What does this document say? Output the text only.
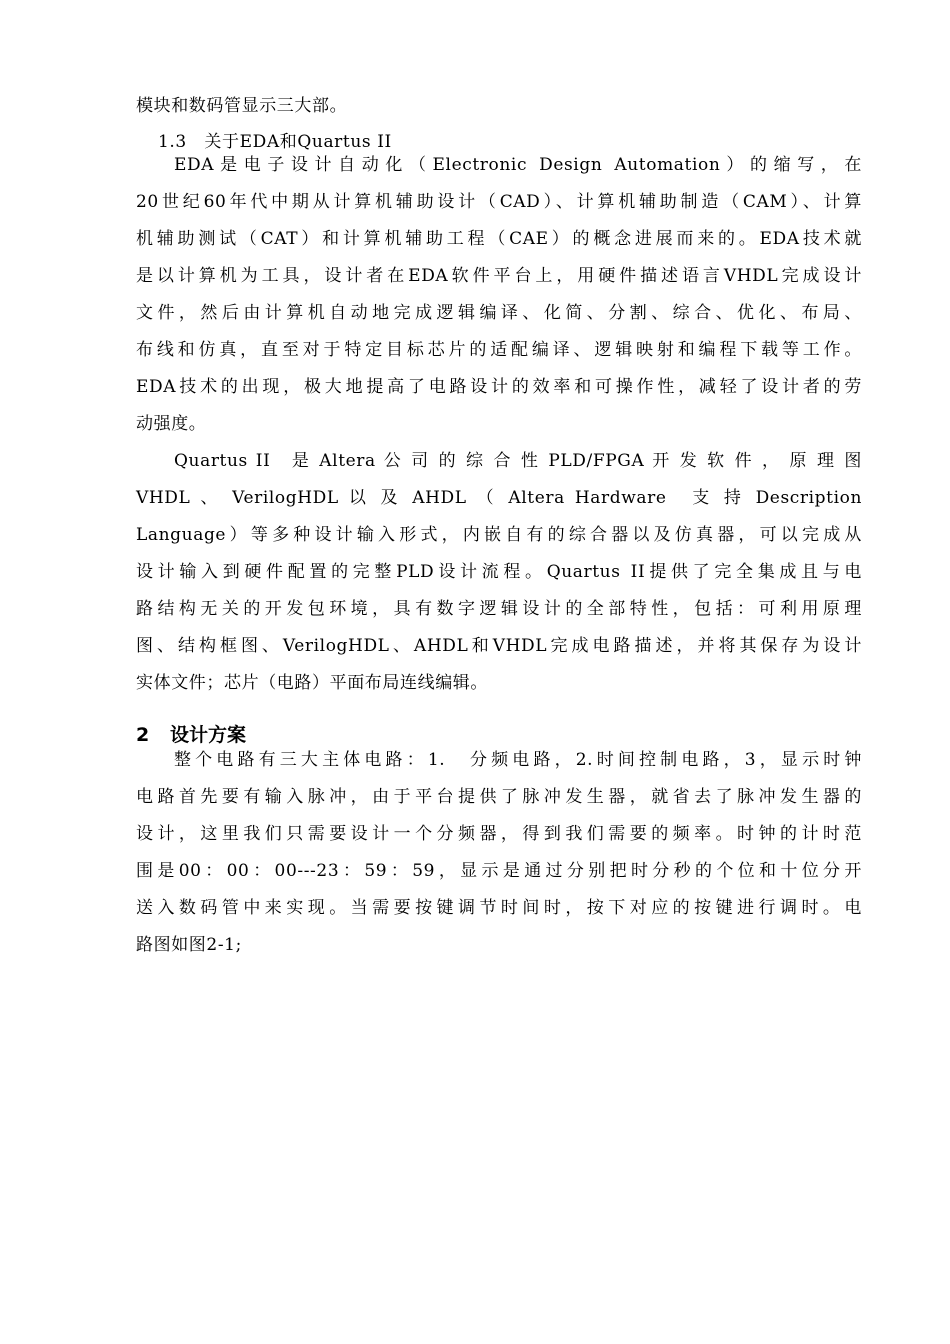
模块和数码管显示三大部。
1.3　关于EDA和Quartus II
EDA是电子设计自动化（Electronic Design Automation）的缩写，在
20世纪60年代中期从计算机辅助设计（CAD）、计算机辅助制造（CAM）、计算
机辅助测试（CAT）和计算机辅助工程（CAE）的概念进展而来的。EDA技术就
是以计算机为工具，设计者在EDA软件平台上，用硬件描述语言VHDL完成设计
文件，然后由计算机自动地完成逻辑编译、化简、分割、综合、优化、布局、
布线和仿真，直至对于特定目标芯片的适配编译、逻辑映射和编程下载等工作。
EDA技术的出现，极大地提高了电路设计的效率和可操作性，减轻了设计者的劳
动强度。
Quartus II　是 Altera 公 司 的 综 合 性 PLD/FPGA 开 发 软 件 ， 原 理 图
VHDL 、 VerilogHDL 以 及 AHDL （ Altera Hardware　支 持 Description
Language）等多种设计输入形式，内嵌自有的综合器以及仿真器，可以完成从
设计输入到硬件配置的完整PLD设计流程。Quartus II提供了完全集成且与电
路结构无关的开发包环境，具有数字逻辑设计的全部特性，包括：可利用原理
图、结构框图、VerilogHDL、AHDL和VHDL完成电路描述，并将其保存为设计
实体文件；芯片（电路）平面布局连线编辑。
2 设计方案
整个电路有三大主体电路：1.　分频电路，2.时间控制电路，3，显示时钟
电路首先要有输入脉冲，由于平台提供了脉冲发生器，就省去了脉冲发生器的
设计，这里我们只需要设计一个分频器，得到我们需要的频率。时钟的计时范
围是00：00：00---23：59：59，显示是通过分别把时分秒的个位和十位分开
送入数码管中来实现。当需要按键调节时间时，按下对应的按键进行调时。电
路图如图2-1;
